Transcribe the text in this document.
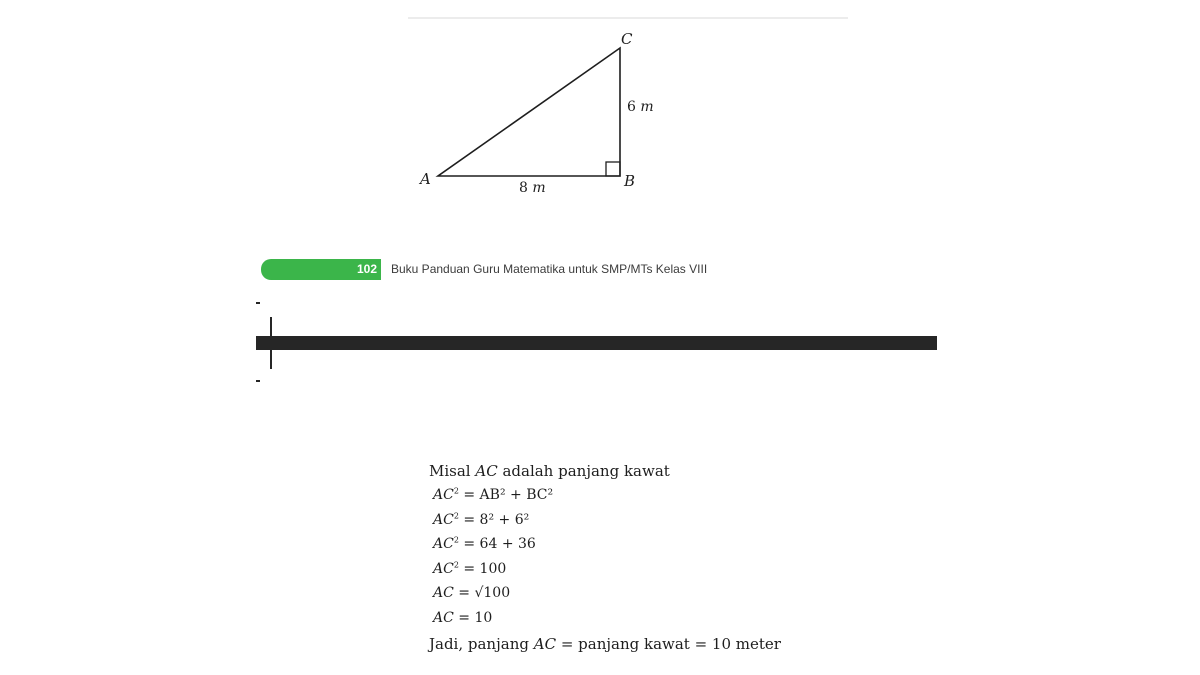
C
A	B
6 m
8 m
102 Buku Panduan Guru Matematika untuk SMP/MTs Kelas VIII
Misal AC adalah panjang kawat
$AC^2 = AB^2 + BC^2$
$AC^2 = 8^2 + 6^2$
$AC^2 = 64 + 36$
$AC^2 = 100$
AC = √100
AC = 10
Jadi, panjang AC = panjang kawat = 10 meter
